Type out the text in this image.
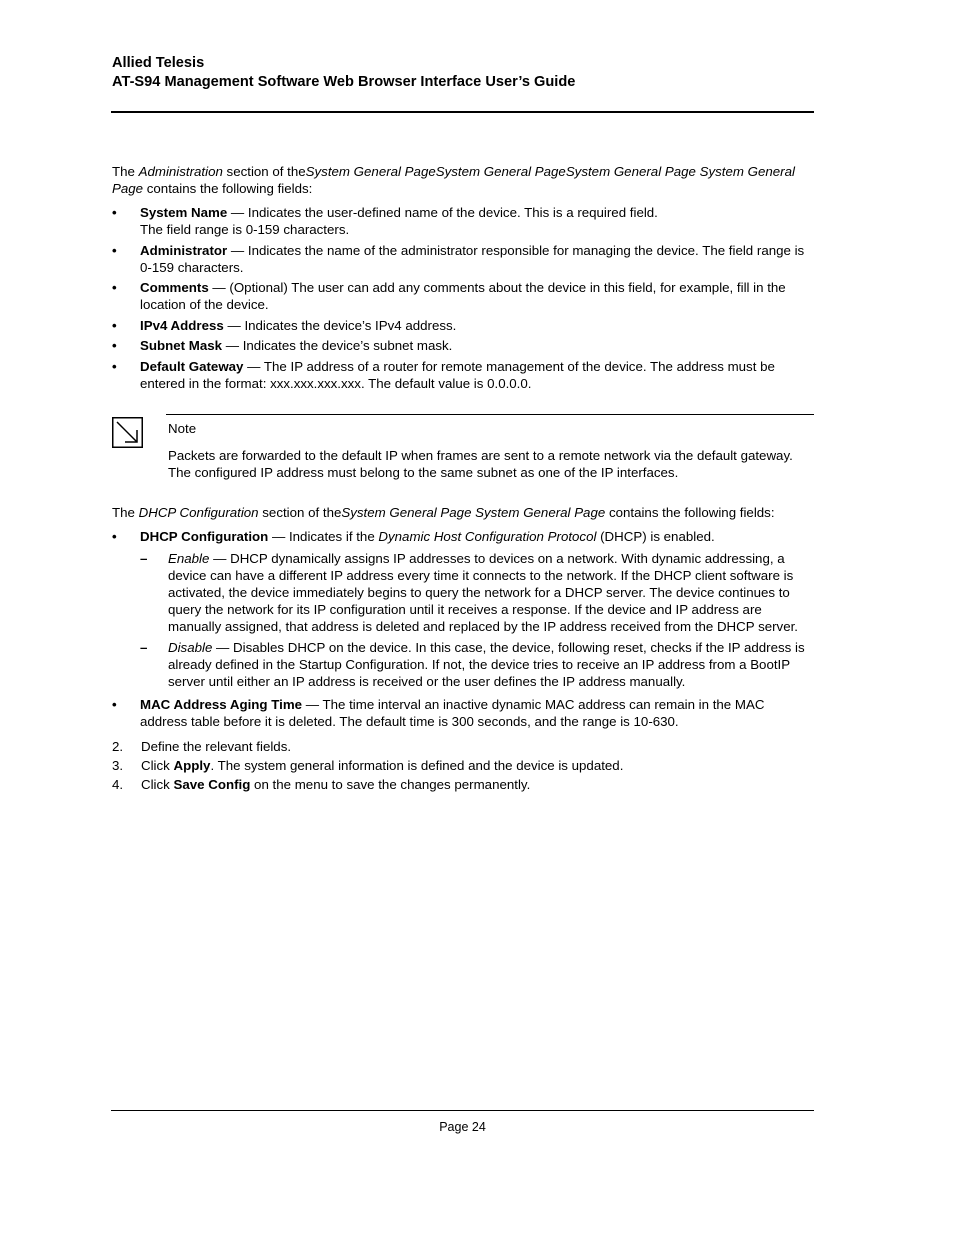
Allied Telesis
AT-S94 Management Software Web Browser Interface User’s Guide

The Administration section of theSystem General PageSystem General PageSystem General Page System General Page contains the following fields:

• System Name — Indicates the user-defined name of the device. This is a required field.
The field range is 0-159 characters.
• Administrator — Indicates the name of the administrator responsible for managing the device. The field range is 0-159 characters.
• Comments — (Optional) The user can add any comments about the device in this field, for example, fill in the location of the device.
• IPv4 Address — Indicates the device’s IPv4 address.
• Subnet Mask — Indicates the device’s subnet mask.
• Default Gateway — The IP address of a router for remote management of the device. The address must be entered in the format: xxx.xxx.xxx.xxx. The default value is 0.0.0.0.
Note
Packets are forwarded to the default IP when frames are sent to a remote network via the default gateway. The configured IP address must belong to the same subnet as one of the IP interfaces.

The DHCP Configuration section of theSystem General Page System General Page contains the following fields:

• DHCP Configuration — Indicates if the Dynamic Host Configuration Protocol (DHCP) is enabled.
– Enable — DHCP dynamically assigns IP addresses to devices on a network. With dynamic addressing, a device can have a different IP address every time it connects to the network. If the DHCP client software is activated, the device immediately begins to query the network for a DHCP server. The device continues to query the network for its IP configuration until it receives a response. If the device and IP address are manually assigned, that address is deleted and replaced by the IP address received from the DHCP server.
– Disable — Disables DHCP on the device. In this case, the device, following reset, checks if the IP address is already defined in the Startup Configuration. If not, the device tries to receive an IP address from a BootIP server until either an IP address is received or the user defines the IP address manually.
• MAC Address Aging Time — The time interval an inactive dynamic MAC address can remain in the MAC address table before it is deleted. The default time is 300 seconds, and the range is 10-630.
2. Define the relevant fields.
3. Click Apply. The system general information is defined and the device is updated.
4. Click Save Config on the menu to save the changes permanently.
Page 24
